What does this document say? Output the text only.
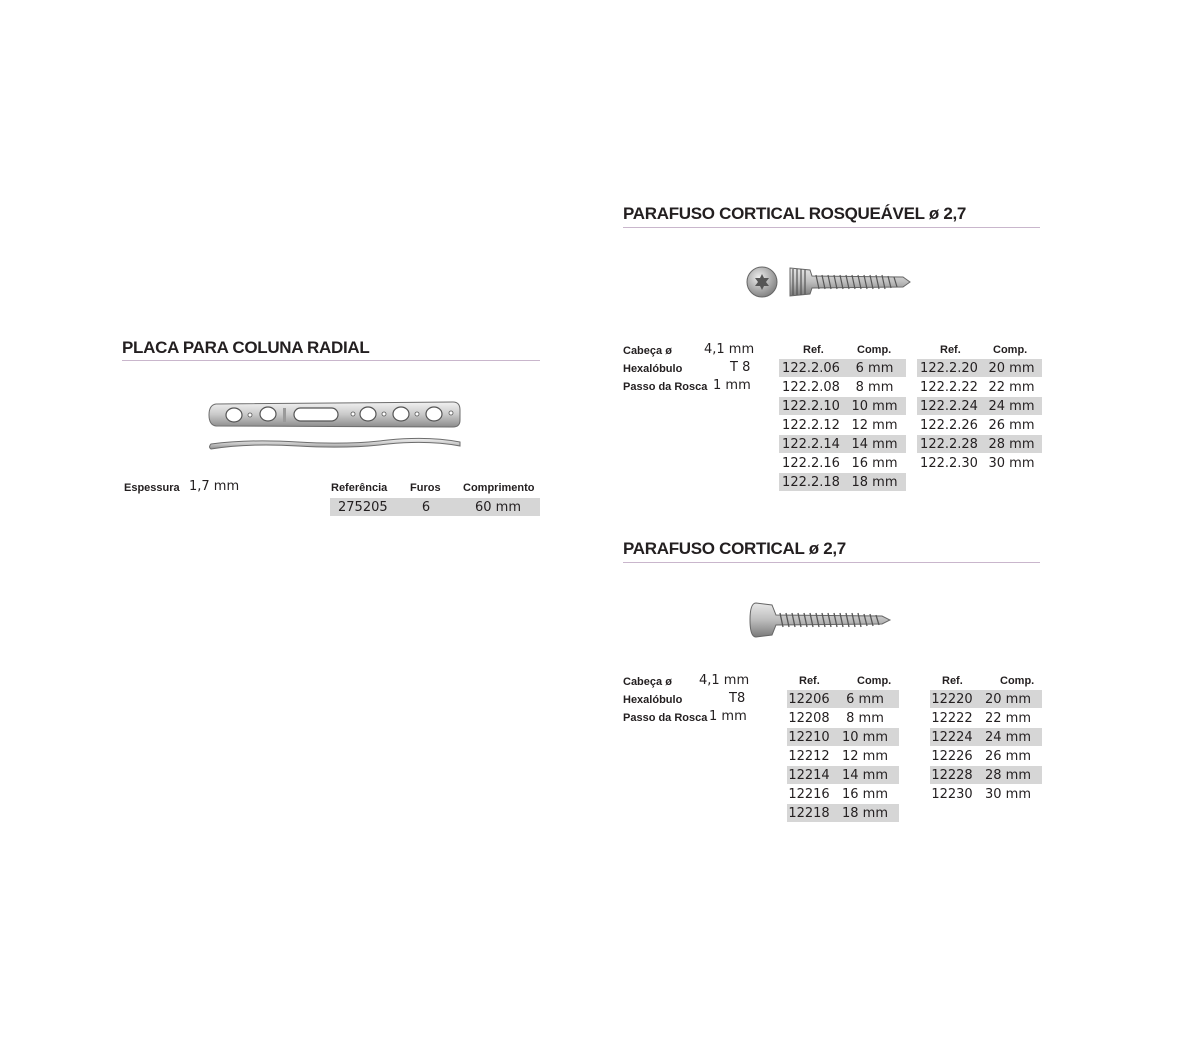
PLACA PARA COLUNA RADIAL
Espessura 1,7 mm	Referência Furos Comprimento
275205	6	60 mm
PARAFUSO CORTICAL ROSQUEÁVEL ø 2,7
Cabeça ø 4,1 mm
Hexalóbulo	T 8
Passo da Rosca 1 mm
Ref.	Comp.	Ref.	Comp.
122.2.06	6 mm
122.2.08	8 mm
122.2.10	10 mm
122.2.12	12 mm
122.2.14	14 mm
122.2.16	16 mm
122.2.18	18 mm
122.2.20	20 mm
122.2.22	22 mm
122.2.24	24 mm
122.2.26	26 mm
122.2.28	28 mm
122.2.30	30 mm
PARAFUSO CORTICAL ø 2,7
Cabeça ø 4,1 mm
Hexalóbulo	T8
Passo da Rosca 1 mm
Ref.	Comp.	Ref.	Comp.
12206	6 mm
12208	8 mm
12210	10 mm
12212	12 mm
12214	14 mm
12216	16 mm
12218	18 mm
12220	20 mm
12222	22 mm
12224	24 mm
12226	26 mm
12228	28 mm
12230	30 mm
